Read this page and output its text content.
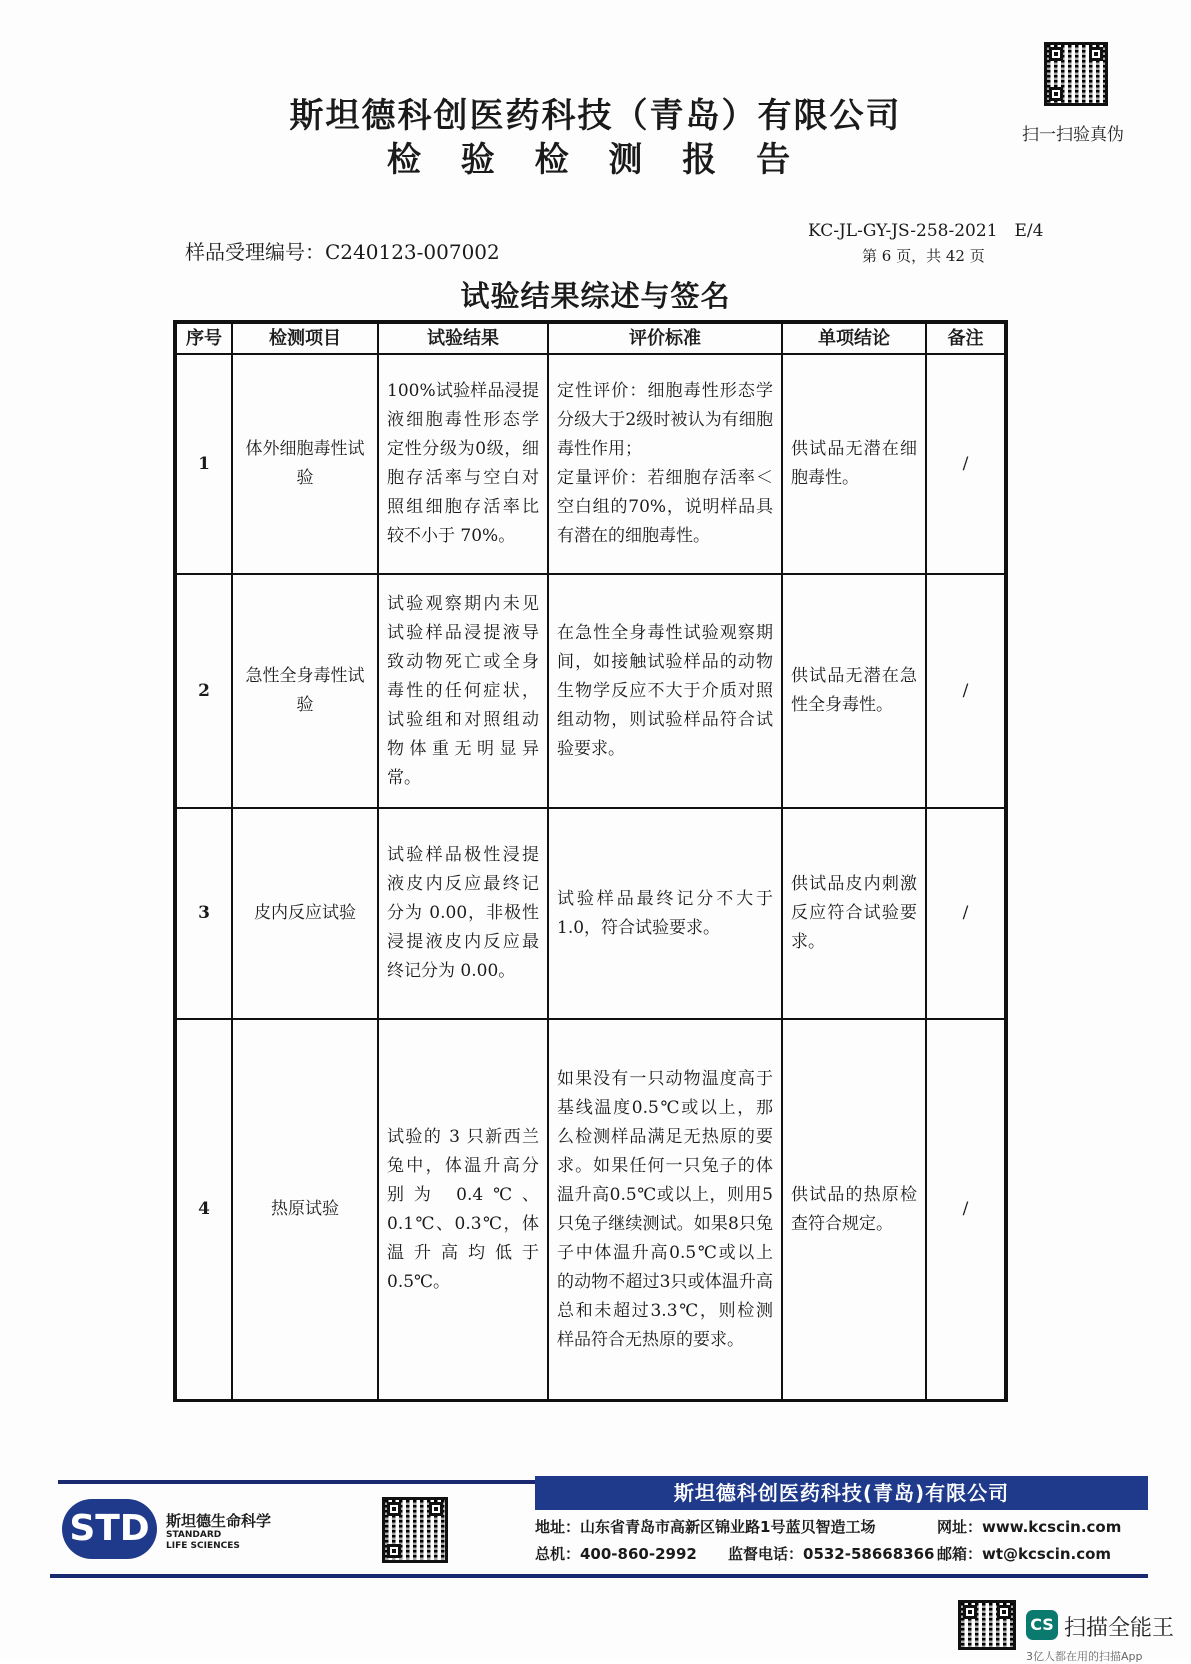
扫一扫验真伪
斯坦德科创医药科技（青岛）有限公司
检 验 检 测 报 告
KC-JL-GY-JS-258-2021　E/4
第 6 页，共 42 页
样品受理编号：C240123-007002
试验结果综述与签名
序号	检测项目	试验结果	评价标准	单项结论	备注
1	体外细胞毒性试验	100%试验样品浸提液细胞毒性形态学定性分级为0级，细胞存活率与空白对照组细胞存活率比较不小于 70%。	定性评价：细胞毒性形态学分级大于2级时被认为有细胞毒性作用；
定量评价：若细胞存活率＜空白组的70%，说明样品具有潜在的细胞毒性。	供试品无潜在细胞毒性。	/
2	急性全身毒性试验	试验观察期内未见试验样品浸提液导致动物死亡或全身毒性的任何症状，试验组和对照组动物体重无明显异常。	在急性全身毒性试验观察期间，如接触试验样品的动物生物学反应不大于介质对照组动物，则试验样品符合试验要求。	供试品无潜在急性全身毒性。	/
3	皮内反应试验	试验样品极性浸提液皮内反应最终记分为 0.00，非极性浸提液皮内反应最终记分为 0.00。	试验样品最终记分不大于 1.0，符合试验要求。	供试品皮内刺激反应符合试验要求。	/
4	热原试验	试验的 3 只新西兰兔中，体温升高分别为 0.4℃、0.1℃、0.3℃，体温升高均低于 0.5℃。	如果没有一只动物温度高于基线温度0.5℃或以上，那么检测样品满足无热原的要求。如果任何一只兔子的体温升高0.5℃或以上，则用5只兔子继续测试。如果8只兔子中体温升高0.5℃或以上的动物不超过3只或体温升高总和未超过3.3℃，则检测样品符合无热原的要求。	供试品的热原检查符合规定。	/
斯坦德科创医药科技(青岛)有限公司
STD	斯坦德生命科学
STANDARD
LIFE SCIENCES
地址：山东省青岛市高新区锦业路1号蓝贝智造工场	网址：www.kcscin.com
总机：400-860-2992 监督电话：0532-58668366 邮箱：wt@kcscin.com
CS 扫描全能王
3亿人都在用的扫描App
